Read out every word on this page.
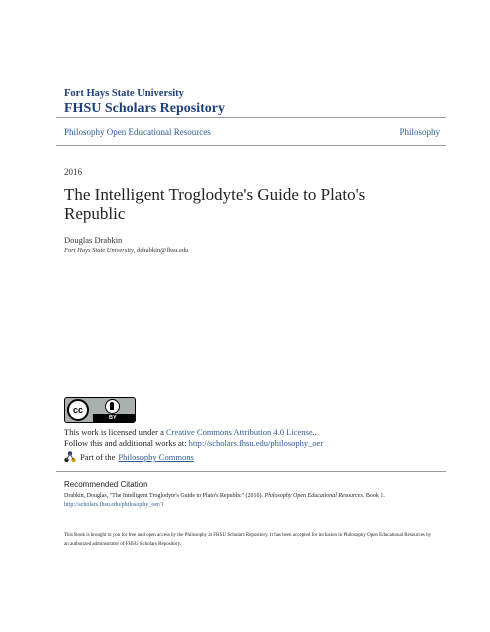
Fort Hays State University
FHSU Scholars Repository
Philosophy Open Educational Resources	Philosophy
2016
The Intelligent Troglodyte's Guide to Plato's Republic
Douglas Drabkin
Fort Hays State University, ddrabkin@fhsu.edu
cc
BY
This work is licensed under a Creative Commons Attribution 4.0 License..
Follow this and additional works at: http://scholars.fhsu.edu/philosophy_oer
Part of the Philosophy Commons
Recommended Citation
Drabkin, Douglas, "The Intelligent Troglodyte's Guide to Plato's Republic" (2016). Philosophy Open Educational Resources. Book 1.
http://scholars.fhsu.edu/philosophy_oer/1
This Book is brought to you for free and open access by the Philosophy at FHSU Scholars Repository. It has been accepted for inclusion in Philosophy Open Educational Resources by an authorized administrator of FHSU Scholars Repository.
